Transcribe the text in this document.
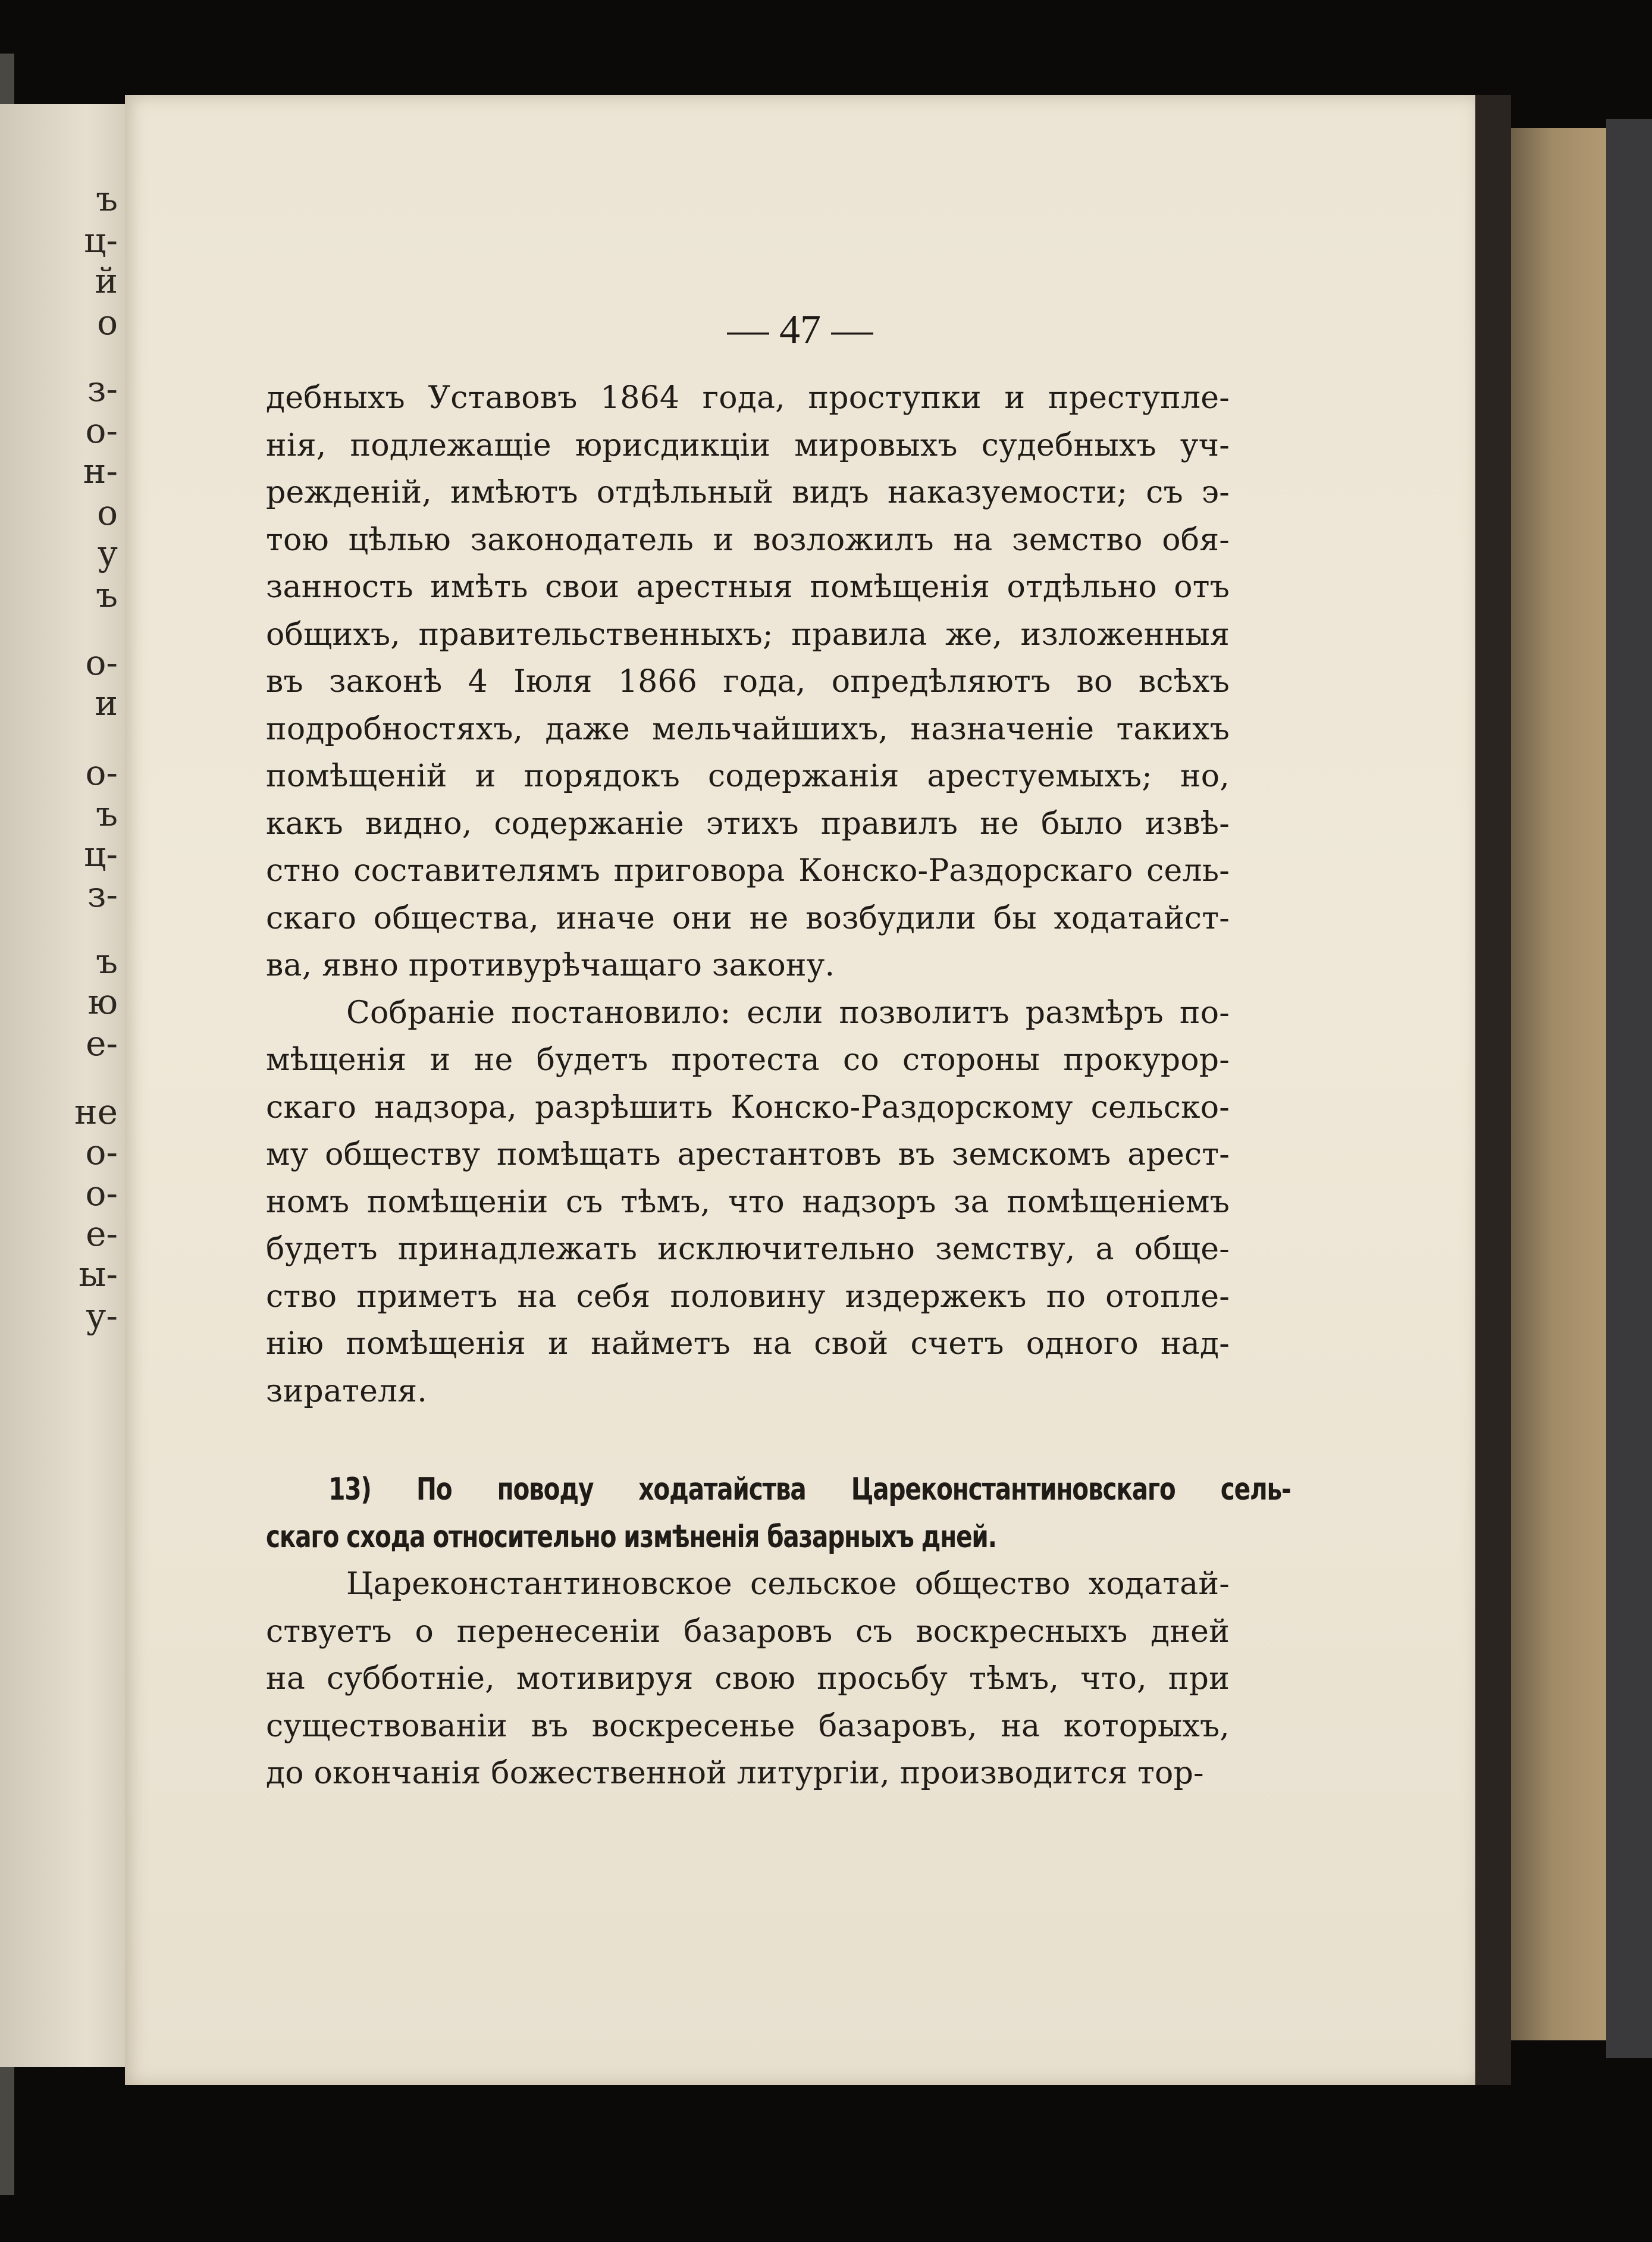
ъ
ц-
й
о
з-
о-
н-
о
у
ъ
о-
и
о-
ъ
ц-
з-
ъ
ю
е-
не
о-
о-
е-
ы-
у-
— 47 —
дебныхъ Уставовъ 1864 года, проступки и преступле-
нія, подлежащіе юрисдикціи мировыхъ судебныхъ уч-
режденій, имѣютъ отдѣльный видъ наказуемости; съ э-
тою цѣлью законодатель и возложилъ на земство обя-
занность имѣть свои арестныя помѣщенія отдѣльно отъ
общихъ, правительственныхъ; правила же, изложенныя
въ законѣ 4 Іюля 1866 года, опредѣляютъ во всѣхъ
подробностяхъ, даже мельчайшихъ, назначеніе такихъ
помѣщеній и порядокъ содержанія арестуемыхъ; но,
какъ видно, содержаніе этихъ правилъ не было извѣ-
стно составителямъ приговора Конско-Раздорскаго сель-
скаго общества, иначе они не возбудили бы ходатайст-
ва, явно противурѣчащаго закону.
Собраніе постановило: если позволитъ размѣръ по-
мѣщенія и не будетъ протеста со стороны прокурор-
скаго надзора, разрѣшить Конско-Раздорскому сельско-
му обществу помѣщать арестантовъ въ земскомъ арест-
номъ помѣщеніи съ тѣмъ, что надзоръ за помѣщеніемъ
будетъ принадлежать исключительно земству, а обще-
ство приметъ на себя половину издержекъ по отопле-
нію помѣщенія и найметъ на свой счетъ одного над-
зирателя.
13) По поводу ходатайства Цареконстантиновскаго сель-
скаго схода относительно измѣненія базарныхъ дней.
Цареконстантиновское сельское общество ходатай-
ствуетъ о перенесеніи базаровъ съ воскресныхъ дней
на субботніе, мотивируя свою просьбу тѣмъ, что, при
существованіи въ воскресенье базаровъ, на которыхъ,
до окончанія божественной литургіи, производится тор-
